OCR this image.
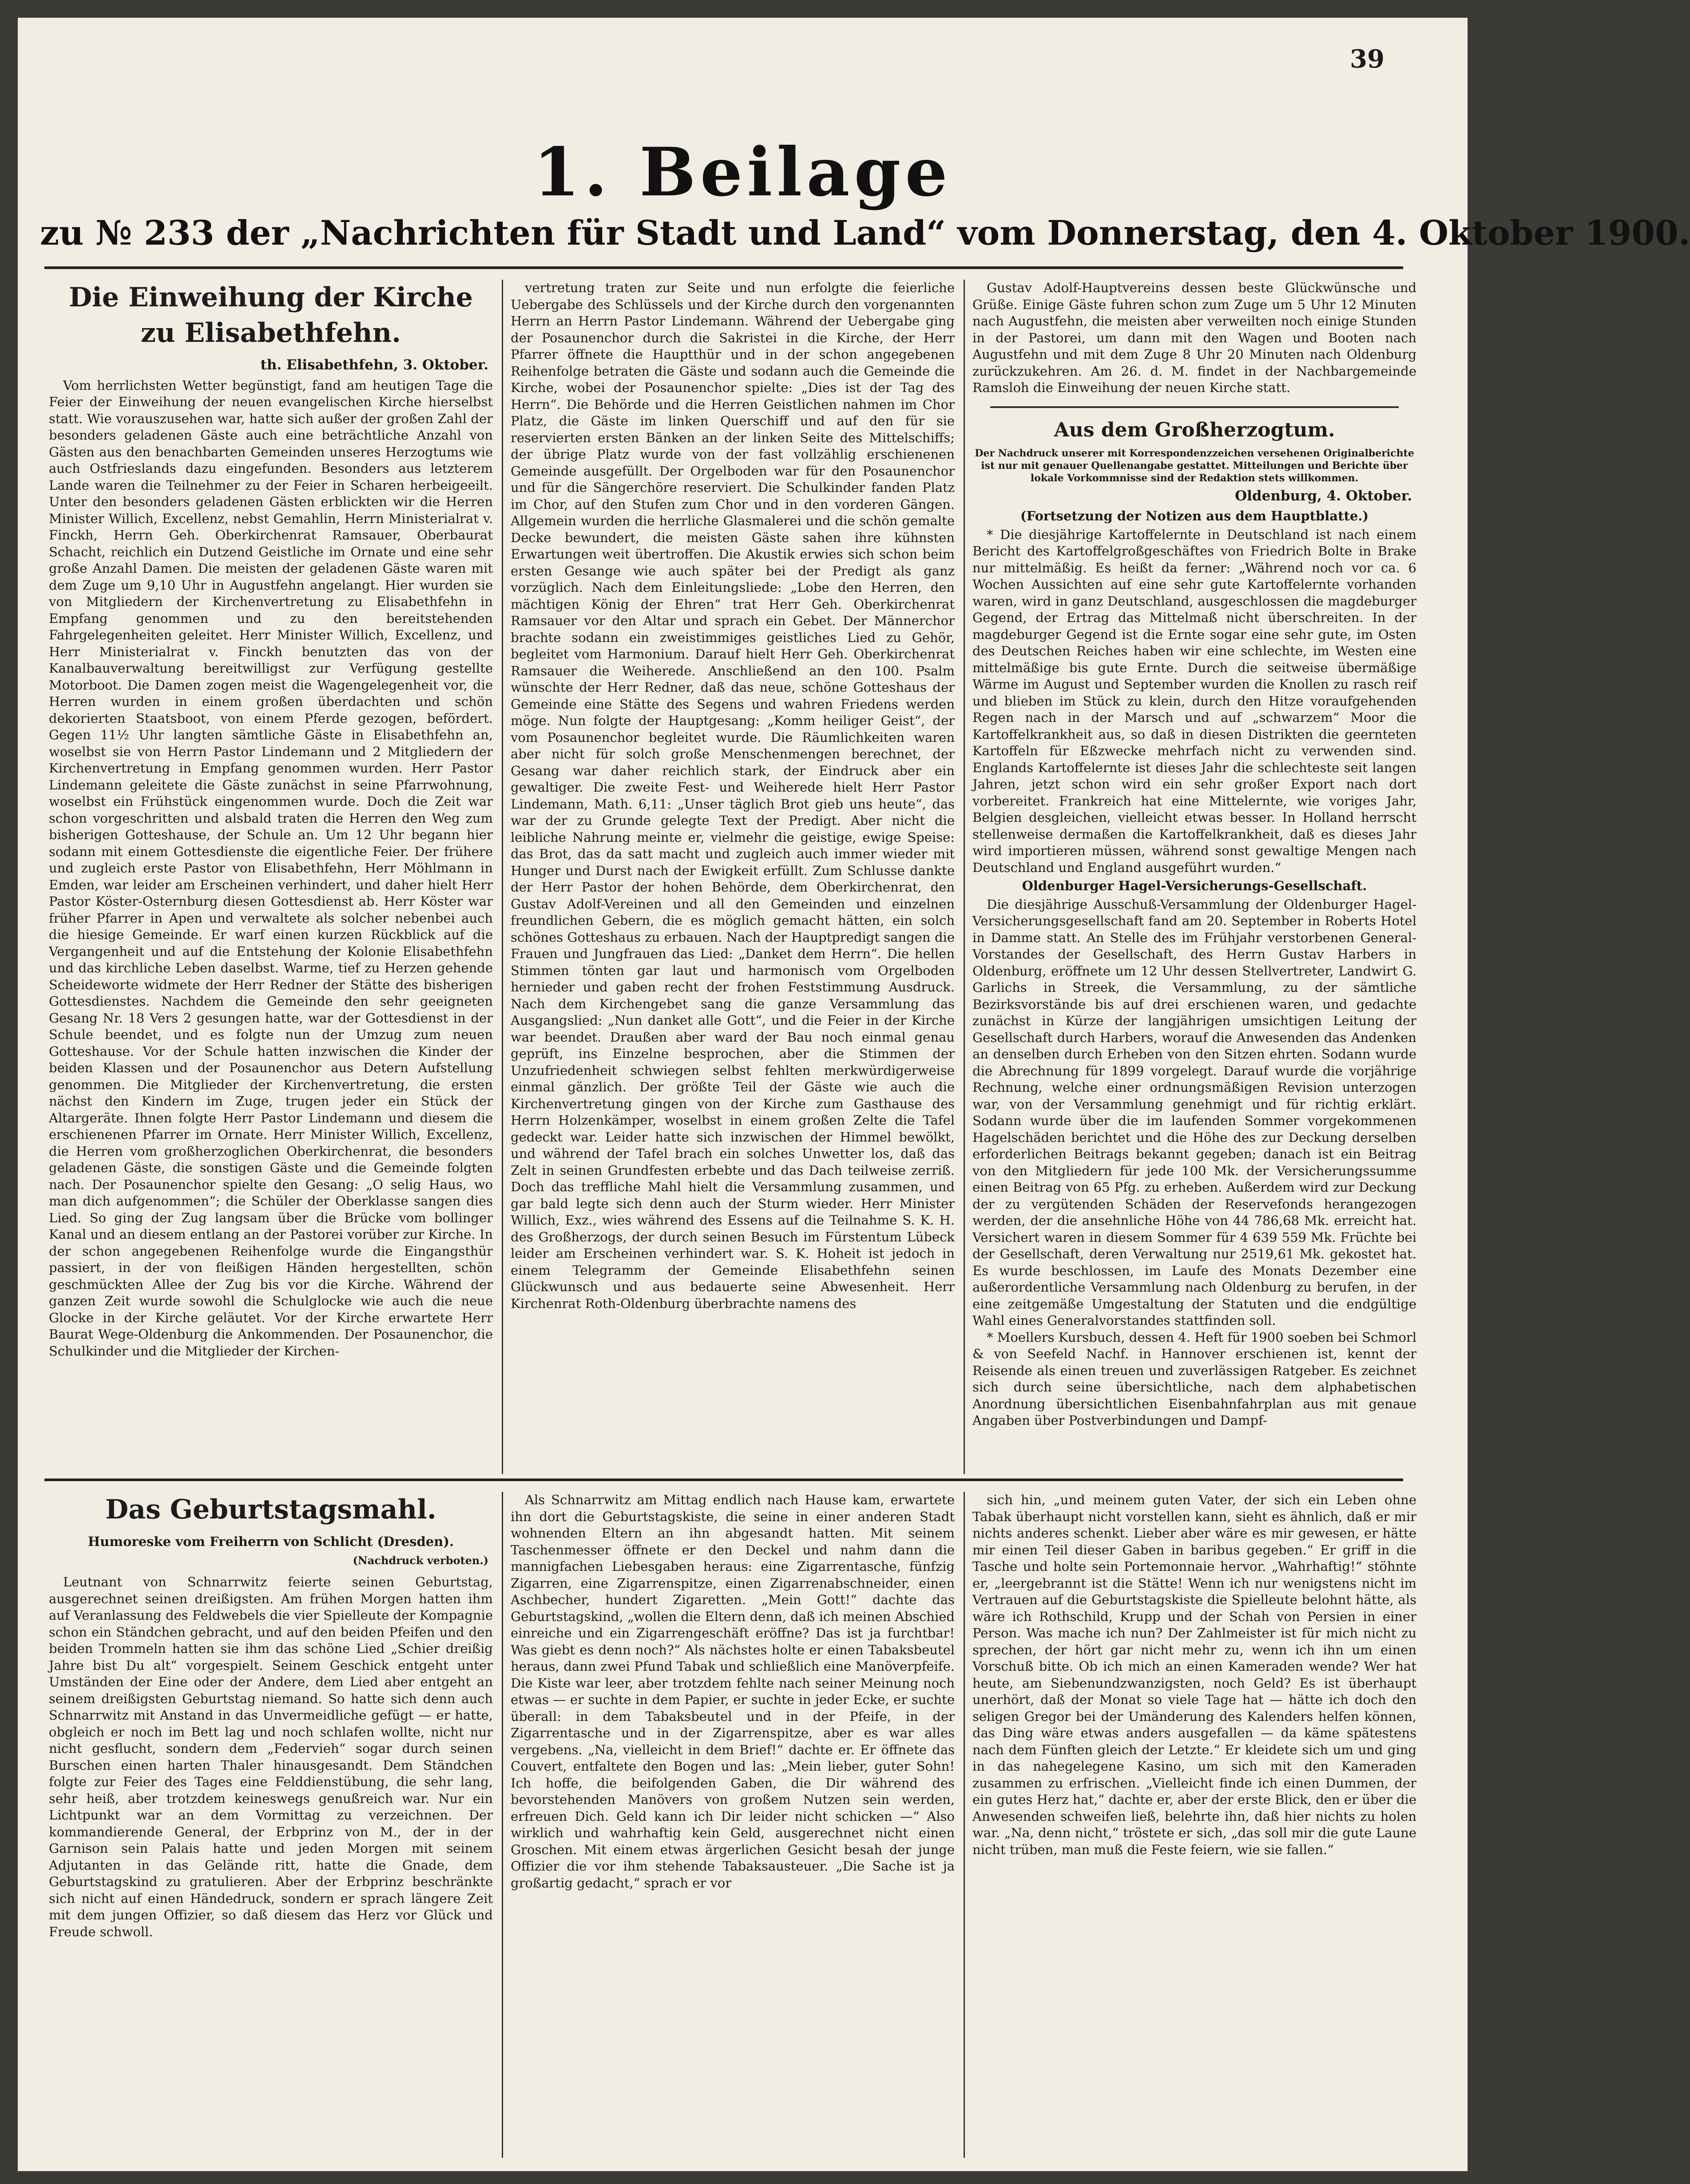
39
1. Beilage
zu № 233 der „Nachrichten für Stadt und Land“ vom Donnerstag, den 4. Oktober 1900.
Die Einweihung der Kirche zu Elisabethfehn.
th. Elisabethfehn, 3. Oktober.

Vom herrlichsten Wetter begünstigt, fand am heutigen Tage die Feier der Einweihung der neuen evangelischen Kirche hierselbst statt. Wie vorauszusehen war, hatte sich außer der großen Zahl der besonders geladenen Gäste auch eine beträchtliche Anzahl von Gästen aus den benachbarten Gemeinden unseres Herzogtums wie auch Ostfrieslands dazu eingefunden. Besonders aus letzterem Lande waren die Teilnehmer zu der Feier in Scharen herbeigeeilt. Unter den besonders geladenen Gästen erblickten wir die Herren Minister Willich, Excellenz, nebst Gemahlin, Herrn Ministerialrat v. Finckh, Herrn Geh. Oberkirchenrat Ramsauer, Oberbaurat Schacht, reichlich ein Dutzend Geistliche im Ornate und eine sehr große Anzahl Damen. Die meisten der geladenen Gäste waren mit dem Zuge um 9,10 Uhr in Augustfehn angelangt. Hier wurden sie von Mitgliedern der Kirchenvertretung zu Elisabethfehn in Empfang genommen und zu den bereitstehenden Fahrgelegenheiten geleitet. Herr Minister Willich, Excellenz, und Herr Ministerialrat v. Finckh benutzten das von der Kanalbauverwaltung bereitwilligst zur Verfügung gestellte Motorboot. Die Damen zogen meist die Wagengelegenheit vor, die Herren wurden in einem großen überdachten und schön dekorierten Staatsboot, von einem Pferde gezogen, befördert. Gegen 11½ Uhr langten sämtliche Gäste in Elisabethfehn an, woselbst sie von Herrn Pastor Lindemann und 2 Mitgliedern der Kirchenvertretung in Empfang genommen wurden. Herr Pastor Lindemann geleitete die Gäste zunächst in seine Pfarrwohnung, woselbst ein Frühstück eingenommen wurde. Doch die Zeit war schon vorgeschritten und alsbald traten die Herren den Weg zum bisherigen Gotteshause, der Schule an. Um 12 Uhr begann hier sodann mit einem Gottesdienste die eigentliche Feier. Der frühere und zugleich erste Pastor von Elisabethfehn, Herr Möhlmann in Emden, war leider am Erscheinen verhindert, und daher hielt Herr Pastor Köster-Osternburg diesen Gottesdienst ab. Herr Köster war früher Pfarrer in Apen und verwaltete als solcher nebenbei auch die hiesige Gemeinde. Er warf einen kurzen Rückblick auf die Vergangenheit und auf die Entstehung der Kolonie Elisabethfehn und das kirchliche Leben daselbst. Warme, tief zu Herzen gehende Scheideworte widmete der Herr Redner der Stätte des bisherigen Gottesdienstes. Nachdem die Gemeinde den sehr geeigneten Gesang Nr. 18 Vers 2 gesungen hatte, war der Gottesdienst in der Schule beendet, und es folgte nun der Umzug zum neuen Gotteshause. Vor der Schule hatten inzwischen die Kinder der beiden Klassen und der Posaunenchor aus Detern Aufstellung genommen. Die Mitglieder der Kirchenvertretung, die ersten nächst den Kindern im Zuge, trugen jeder ein Stück der Altargeräte. Ihnen folgte Herr Pastor Lindemann und diesem die erschienenen Pfarrer im Ornate. Herr Minister Willich, Excellenz, die Herren vom großherzoglichen Oberkirchenrat, die besonders geladenen Gäste, die sonstigen Gäste und die Gemeinde folgten nach. Der Posaunenchor spielte den Gesang: „O selig Haus, wo man dich aufgenommen“; die Schüler der Oberklasse sangen dies Lied. So ging der Zug langsam über die Brücke vom bollinger Kanal und an diesem entlang an der Pastorei vorüber zur Kirche. In der schon angegebenen Reihenfolge wurde die Eingangsthür passiert, in der von fleißigen Händen hergestellten, schön geschmückten Allee der Zug bis vor die Kirche. Während der ganzen Zeit wurde sowohl die Schulglocke wie auch die neue Glocke in der Kirche geläutet. Vor der Kirche erwartete Herr Baurat Wege-Oldenburg die Ankommenden. Der Posaunenchor, die Schulkinder und die Mitglieder der Kirchen-

vertretung traten zur Seite und nun erfolgte die feierliche Uebergabe des Schlüssels und der Kirche durch den vorgenannten Herrn an Herrn Pastor Lindemann. Während der Uebergabe ging der Posaunenchor durch die Sakristei in die Kirche, der Herr Pfarrer öffnete die Hauptthür und in der schon angegebenen Reihenfolge betraten die Gäste und sodann auch die Gemeinde die Kirche, wobei der Posaunenchor spielte: „Dies ist der Tag des Herrn“. Die Behörde und die Herren Geistlichen nahmen im Chor Platz, die Gäste im linken Querschiff und auf den für sie reservierten ersten Bänken an der linken Seite des Mittelschiffs; der übrige Platz wurde von der fast vollzählig erschienenen Gemeinde ausgefüllt. Der Orgelboden war für den Posaunenchor und für die Sängerchöre reserviert. Die Schulkinder fanden Platz im Chor, auf den Stufen zum Chor und in den vorderen Gängen. Allgemein wurden die herrliche Glasmalerei und die schön gemalte Decke bewundert, die meisten Gäste sahen ihre kühnsten Erwartungen weit übertroffen. Die Akustik erwies sich schon beim ersten Gesange wie auch später bei der Predigt als ganz vorzüglich. Nach dem Einleitungsliede: „Lobe den Herren, den mächtigen König der Ehren“ trat Herr Geh. Oberkirchenrat Ramsauer vor den Altar und sprach ein Gebet. Der Männerchor brachte sodann ein zweistimmiges geistliches Lied zu Gehör, begleitet vom Harmonium. Darauf hielt Herr Geh. Oberkirchenrat Ramsauer die Weiherede. Anschließend an den 100. Psalm wünschte der Herr Redner, daß das neue, schöne Gotteshaus der Gemeinde eine Stätte des Segens und wahren Friedens werden möge. Nun folgte der Hauptgesang: „Komm heiliger Geist“, der vom Posaunenchor begleitet wurde. Die Räumlichkeiten waren aber nicht für solch große Menschenmengen berechnet, der Gesang war daher reichlich stark, der Eindruck aber ein gewaltiger. Die zweite Fest- und Weiherede hielt Herr Pastor Lindemann, Math. 6,11: „Unser täglich Brot gieb uns heute“, das war der zu Grunde gelegte Text der Predigt. Aber nicht die leibliche Nahrung meinte er, vielmehr die geistige, ewige Speise: das Brot, das da satt macht und zugleich auch immer wieder mit Hunger und Durst nach der Ewigkeit erfüllt. Zum Schlusse dankte der Herr Pastor der hohen Behörde, dem Oberkirchenrat, den Gustav Adolf-Vereinen und all den Gemeinden und einzelnen freundlichen Gebern, die es möglich gemacht hätten, ein solch schönes Gotteshaus zu erbauen. Nach der Hauptpredigt sangen die Frauen und Jungfrauen das Lied: „Danket dem Herrn“. Die hellen Stimmen tönten gar laut und harmonisch vom Orgelboden hernieder und gaben recht der frohen Feststimmung Ausdruck. Nach dem Kirchengebet sang die ganze Versammlung das Ausgangslied: „Nun danket alle Gott“, und die Feier in der Kirche war beendet. Draußen aber ward der Bau noch einmal genau geprüft, ins Einzelne besprochen, aber die Stimmen der Unzufriedenheit schwiegen selbst fehlten merkwürdigerweise einmal gänzlich. Der größte Teil der Gäste wie auch die Kirchenvertretung gingen von der Kirche zum Gasthause des Herrn Holzenkämper, woselbst in einem großen Zelte die Tafel gedeckt war. Leider hatte sich inzwischen der Himmel bewölkt, und während der Tafel brach ein solches Unwetter los, daß das Zelt in seinen Grundfesten erbebte und das Dach teilweise zerriß. Doch das treffliche Mahl hielt die Versammlung zusammen, und gar bald legte sich denn auch der Sturm wieder. Herr Minister Willich, Exz., wies während des Essens auf die Teilnahme S. K. H. des Großherzogs, der durch seinen Besuch im Fürstentum Lübeck leider am Erscheinen verhindert war. S. K. Hoheit ist jedoch in einem Telegramm der Gemeinde Elisabethfehn seinen Glückwunsch und aus bedauerte seine Abwesenheit. Herr Kirchenrat Roth-Oldenburg überbrachte namens des

Gustav Adolf-Hauptvereins dessen beste Glückwünsche und Grüße. Einige Gäste fuhren schon zum Zuge um 5 Uhr 12 Minuten nach Augustfehn, die meisten aber verweilten noch einige Stunden in der Pastorei, um dann mit den Wagen und Booten nach Augustfehn und mit dem Zuge 8 Uhr 20 Minuten nach Oldenburg zurückzukehren. Am 26. d. M. findet in der Nachbargemeinde Ramsloh die Einweihung der neuen Kirche statt.

Aus dem Großherzogtum.
Der Nachdruck unserer mit Korrespondenzzeichen versehenen Originalberichte ist nur mit genauer Quellenangabe gestattet. Mitteilungen und Berichte über lokale Vorkommnisse sind der Redaktion stets willkommen.
Oldenburg, 4. Oktober.
(Fortsetzung der Notizen aus dem Hauptblatte.)

* Die diesjährige Kartoffelernte in Deutschland ist nach einem Bericht des Kartoffelgroßgeschäftes von Friedrich Bolte in Brake nur mittelmäßig. Es heißt da ferner: „Während noch vor ca. 6 Wochen Aussichten auf eine sehr gute Kartoffelernte vorhanden waren, wird in ganz Deutschland, ausgeschlossen die magdeburger Gegend, der Ertrag das Mittelmaß nicht überschreiten. In der magdeburger Gegend ist die Ernte sogar eine sehr gute, im Osten des Deutschen Reiches haben wir eine schlechte, im Westen eine mittelmäßige bis gute Ernte. Durch die seitweise übermäßige Wärme im August und September wurden die Knollen zu rasch reif und blieben im Stück zu klein, durch den Hitze voraufgehenden Regen nach in der Marsch und auf „schwarzem“ Moor die Kartoffelkrankheit aus, so daß in diesen Distrikten die geernteten Kartoffeln für Eßzwecke mehrfach nicht zu verwenden sind. Englands Kartoffelernte ist dieses Jahr die schlechteste seit langen Jahren, jetzt schon wird ein sehr großer Export nach dort vorbereitet. Frankreich hat eine Mittelernte, wie voriges Jahr, Belgien desgleichen, vielleicht etwas besser. In Holland herrscht stellenweise dermaßen die Kartoffelkrankheit, daß es dieses Jahr wird importieren müssen, während sonst gewaltige Mengen nach Deutschland und England ausgeführt wurden.“

Oldenburger Hagel-Versicherungs-Gesellschaft.

Die diesjährige Ausschuß-Versammlung der Oldenburger Hagel-Versicherungsgesellschaft fand am 20. September in Roberts Hotel in Damme statt. An Stelle des im Frühjahr verstorbenen General-Vorstandes der Gesellschaft, des Herrn Gustav Harbers in Oldenburg, eröffnete um 12 Uhr dessen Stellvertreter, Landwirt G. Garlichs in Streek, die Versammlung, zu der sämtliche Bezirksvorstände bis auf drei erschienen waren, und gedachte zunächst in Kürze der langjährigen umsichtigen Leitung der Gesellschaft durch Harbers, worauf die Anwesenden das Andenken an denselben durch Erheben von den Sitzen ehrten. Sodann wurde die Abrechnung für 1899 vorgelegt. Darauf wurde die vorjährige Rechnung, welche einer ordnungsmäßigen Revision unterzogen war, von der Versammlung genehmigt und für richtig erklärt. Sodann wurde über die im laufenden Sommer vorgekommenen Hagelschäden berichtet und die Höhe des zur Deckung derselben erforderlichen Beitrags bekannt gegeben; danach ist ein Beitrag von den Mitgliedern für jede 100 Mk. der Versicherungssumme einen Beitrag von 65 Pfg. zu erheben. Außerdem wird zur Deckung der zu vergütenden Schäden der Reservefonds herangezogen werden, der die ansehnliche Höhe von 44 786,68 Mk. erreicht hat. Versichert waren in diesem Sommer für 4 639 559 Mk. Früchte bei der Gesellschaft, deren Verwaltung nur 2519,61 Mk. gekostet hat. Es wurde beschlossen, im Laufe des Monats Dezember eine außerordentliche Versammlung nach Oldenburg zu berufen, in der eine zeitgemäße Umgestaltung der Statuten und die endgültige Wahl eines Generalvorstandes stattfinden soll.

* Moellers Kursbuch, dessen 4. Heft für 1900 soeben bei Schmorl & von Seefeld Nachf. in Hannover erschienen ist, kennt der Reisende als einen treuen und zuverlässigen Ratgeber. Es zeichnet sich durch seine übersichtliche, nach dem alphabetischen Anordnung übersichtlichen Eisenbahnfahrplan aus mit genaue Angaben über Postverbindungen und Dampf-

Das Geburtstagsmahl.
Humoreske vom Freiherrn von Schlicht (Dresden).
(Nachdruck verboten.)

Leutnant von Schnarrwitz feierte seinen Geburtstag, ausgerechnet seinen dreißigsten. Am frühen Morgen hatten ihm auf Veranlassung des Feldwebels die vier Spielleute der Kompagnie schon ein Ständchen gebracht, und auf den beiden Pfeifen und den beiden Trommeln hatten sie ihm das schöne Lied „Schier dreißig Jahre bist Du alt“ vorgespielt. Seinem Geschick entgeht unter Umständen der Eine oder der Andere, dem Lied aber entgeht an seinem dreißigsten Geburtstag niemand. So hatte sich denn auch Schnarrwitz mit Anstand in das Unvermeidliche gefügt — er hatte, obgleich er noch im Bett lag und noch schlafen wollte, nicht nur nicht gesflucht, sondern dem „Federvieh“ sogar durch seinen Burschen einen harten Thaler hinausgesandt. Dem Ständchen folgte zur Feier des Tages eine Felddienstübung, die sehr lang, sehr heiß, aber trotzdem keineswegs genußreich war. Nur ein Lichtpunkt war an dem Vormittag zu verzeichnen. Der kommandierende General, der Erbprinz von M., der in der Garnison sein Palais hatte und jeden Morgen mit seinem Adjutanten in das Gelände ritt, hatte die Gnade, dem Geburtstagskind zu gratulieren. Aber der Erbprinz beschränkte sich nicht auf einen Händedruck, sondern er sprach längere Zeit mit dem jungen Offizier, so daß diesem das Herz vor Glück und Freude schwoll.

Als Schnarrwitz am Mittag endlich nach Hause kam, erwartete ihn dort die Geburtstagskiste, die seine in einer anderen Stadt wohnenden Eltern an ihn abgesandt hatten. Mit seinem Taschenmesser öffnete er den Deckel und nahm dann die mannigfachen Liebesgaben heraus: eine Zigarrentasche, fünfzig Zigarren, eine Zigarrenspitze, einen Zigarrenabschneider, einen Aschbecher, hundert Zigaretten. „Mein Gott!“ dachte das Geburtstagskind, „wollen die Eltern denn, daß ich meinen Abschied einreiche und ein Zigarrengeschäft eröffne? Das ist ja furchtbar! Was giebt es denn noch?“ Als nächstes holte er einen Tabaksbeutel heraus, dann zwei Pfund Tabak und schließlich eine Manöverpfeife. Die Kiste war leer, aber trotzdem fehlte nach seiner Meinung noch etwas — er suchte in dem Papier, er suchte in jeder Ecke, er suchte überall: in dem Tabaksbeutel und in der Pfeife, in der Zigarrentasche und in der Zigarrenspitze, aber es war alles vergebens. „Na, vielleicht in dem Brief!“ dachte er. Er öffnete das Couvert, entfaltete den Bogen und las: „Mein lieber, guter Sohn! Ich hoffe, die beifolgenden Gaben, die Dir während des bevorstehenden Manövers von großem Nutzen sein werden, erfreuen Dich. Geld kann ich Dir leider nicht schicken —“ Also wirklich und wahrhaftig kein Geld, ausgerechnet nicht einen Groschen. Mit einem etwas ärgerlichen Gesicht besah der junge Offizier die vor ihm stehende Tabaksausteuer. „Die Sache ist ja großartig gedacht,“ sprach er vor

sich hin, „und meinem guten Vater, der sich ein Leben ohne Tabak überhaupt nicht vorstellen kann, sieht es ähnlich, daß er mir nichts anderes schenkt. Lieber aber wäre es mir gewesen, er hätte mir einen Teil dieser Gaben in baribus gegeben.“ Er griff in die Tasche und holte sein Portemonnaie hervor. „Wahrhaftig!“ stöhnte er, „leergebrannt ist die Stätte! Wenn ich nur wenigstens nicht im Vertrauen auf die Geburtstagskiste die Spielleute belohnt hätte, als wäre ich Rothschild, Krupp und der Schah von Persien in einer Person. Was mache ich nun? Der Zahlmeister ist für mich nicht zu sprechen, der hört gar nicht mehr zu, wenn ich ihn um einen Vorschuß bitte. Ob ich mich an einen Kameraden wende? Wer hat heute, am Siebenundzwanzigsten, noch Geld? Es ist überhaupt unerhört, daß der Monat so viele Tage hat — hätte ich doch den seligen Gregor bei der Umänderung des Kalenders helfen können, das Ding wäre etwas anders ausgefallen — da käme spätestens nach dem Fünften gleich der Letzte.“ Er kleidete sich um und ging in das nahegelegene Kasino, um sich mit den Kameraden zusammen zu erfrischen. „Vielleicht finde ich einen Dummen, der ein gutes Herz hat,“ dachte er, aber der erste Blick, den er über die Anwesenden schweifen ließ, belehrte ihn, daß hier nichts zu holen war. „Na, denn nicht,“ tröstete er sich, „das soll mir die gute Laune nicht trüben, man muß die Feste feiern, wie sie fallen.“
